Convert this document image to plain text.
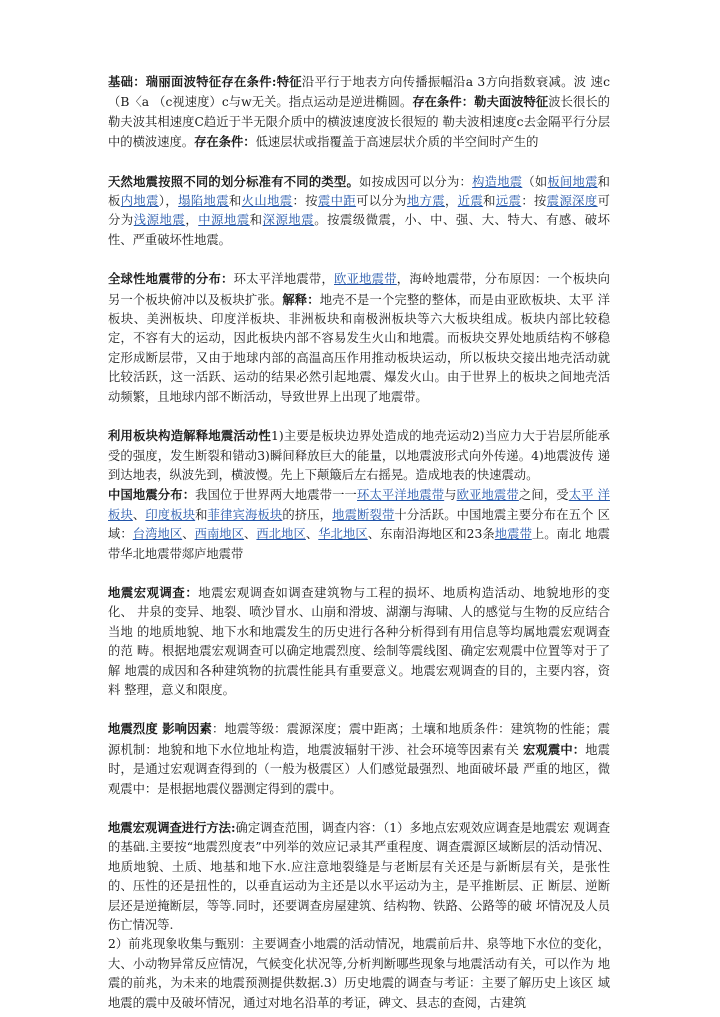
基础：瑞丽面波特征存在条件:特征沿平行于地表方向传播振幅沿a 3方向指数衰减。波 速c（B〈a （c视速度）c与w无关。指点运动是逆进椭圆。存在条件：勒夫面波特征波长很长的勒夫波其相速度C趋近于半无限介质中的横波速度波长很短的 勒夫波相速度c去金隔平行分层中的横波速度。存在条件：低速层状或指覆盖于高速层状介质的半空间时产生的

天然地震按照不同的划分标准有不同的类型。如按成因可以分为：构造地震（如板间地震和 板内地震），塌陷地震和火山地震：按震中距可以分为地方震，近震和远震：按震源深度可 分为浅源地震，中源地震和深源地震。按震级微震，小、中、强、大、特大、有感、破坏 性、严重破坏性地震。

全球性地震带的分布：环太平洋地震带，欧亚地震带，海岭地震带，分布原因：一个板块向 另一个板块俯冲以及板块扩张。解释：地壳不是一个完整的整体，而是由亚欧板块、太平 洋板块、美洲板块、印度洋板块、非洲板块和南极洲板块等六大板块组成。板块内部比较稳 定，不容有大的运动，因此板块内部不容易发生火山和地震。而板块交界处地质结构不够稳 定形成断层带，又由于地球内部的高温高压作用推动板块运动，所以板块交接出地壳活动就 比较活跃，这一活跃、运动的结果必然引起地震、爆发火山。由于世界上的板块之间地壳活 动频繁，且地球内部不断活动，导致世界上出现了地震带。

利用板块构造解释地震活动性1)主要是板块边界处造成的地壳运动2)当应力大于岩层所能承受的强度，发生断裂和错动3)瞬间释放巨大的能量，以地震波形式向外传递。4)地震波传 递到达地表，纵波先到，横波慢。先上下颠簸后左右摇晃。造成地表的快速震动。

中国地震分布：我国位于世界两大地震带一一环太平洋地震带与欧亚地震带之间，受太平 洋板块、印度板块和菲律宾海板块的挤压，地震断裂带十分活跃。中国地震主要分布在五个 区域：台湾地区、西南地区、西北地区、华北地区、东南沿海地区和23条地震带上。南北 地震带华北地震带郯庐地震带

地震宏观调查：地震宏观调查如调查建筑物与工程的损坏、地质构造活动、地貌地形的变化、 井泉的变异、地裂、喷沙冒水、山崩和滑坡、湖潮与海啸、人的感觉与生物的反应结合当地 的地质地貌、地下水和地震发生的历史进行各种分析得到有用信息等均属地震宏观调查的范 畴。根据地震宏观调查可以确定地震烈度、绘制等震线图、确定宏观震中位置等对于了解 地震的成因和各种建筑物的抗震性能具有重要意义。地震宏观调查的目的，主要内容，资料 整理，意义和限度。

地震烈度 影响因素：地震等级：震源深度；震中距离；土壤和地质条件：建筑物的性能；震源机制：地貌和地下水位地址构造，地震波辐射干涉、社会环境等因素有关 宏观震中：地震时，是通过宏观调查得到的（一般为极震区）人们感觉最强烈、地面破坏最 严重的地区，微观震中：是根据地震仪器测定得到的震中。

地震宏观调查进行方法:确定调查范围，调查内容：（1）多地点宏观效应调查是地震宏 观调查的基础.主要按“地震烈度表”中列举的效应记录其严重程度、调查震源区域断层的活动情况、地质地貌、土质、地基和地下水.应注意地裂缝是与老断层有关还是与新断层有关，是张性的、压性的还是扭性的，以垂直运动为主还是以水平运动为主，是平推断层、正 断层、逆断层还是逆掩断层，等等.同时，还要调查房屋建筑、结构物、铁路、公路等的破 坏情况及人员伤亡情况等.

2）前兆现象收集与甄别：主要调查小地震的活动情况，地震前后井、泉等地下水位的变化， 大、小动物异常反应情况，气候变化状况等,分析判断哪些现象与地震活动有关，可以作为 地震的前兆，为未来的地震预测提供数据.3）历史地震的调查与考证：主要了解历史上该区 域地震的震中及破坏情况，通过对地名沿革的考证，碑文、县志的查阅，古建筑
